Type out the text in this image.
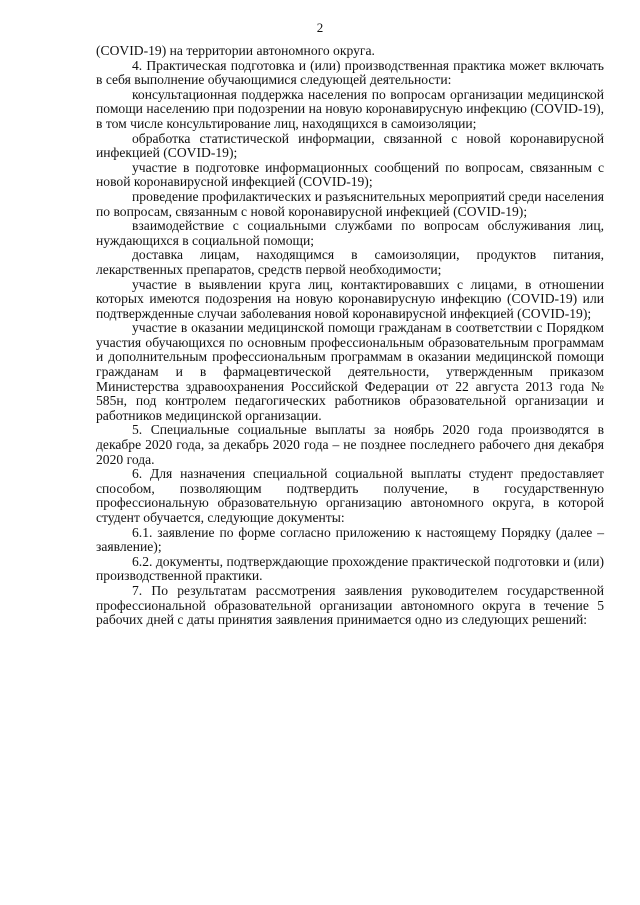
2

(COVID-19) на территории автономного округа.

4. Практическая подготовка и (или) производственная практика может включать в себя выполнение обучающимися следующей деятельности:

консультационная поддержка населения по вопросам организации медицинской помощи населению при подозрении на новую коронавирусную инфекцию (COVID-19), в том числе консультирование лиц, находящихся в самоизоляции;

обработка статистической информации, связанной с новой коронавирусной инфекцией (COVID-19);

участие в подготовке информационных сообщений по вопросам, связанным с новой коронавирусной инфекцией (COVID-19);

проведение профилактических и разъяснительных мероприятий среди населения по вопросам, связанным с новой коронавирусной инфекцией (COVID-19);

взаимодействие с социальными службами по вопросам обслуживания лиц, нуждающихся в социальной помощи;

доставка лицам, находящимся в самоизоляции, продуктов питания, лекарственных препаратов, средств первой необходимости;

участие в выявлении круга лиц, контактировавших с лицами, в отношении которых имеются подозрения на новую коронавирусную инфекцию (COVID-19) или подтвержденные случаи заболевания новой коронавирусной инфекцией (COVID-19);

участие в оказании медицинской помощи гражданам в соответствии с Порядком участия обучающихся по основным профессиональным образовательным программам и дополнительным профессиональным программам в оказании медицинской помощи гражданам и в фармацевтической деятельности, утвержденным приказом Министерства здравоохранения Российской Федерации от 22 августа 2013 года № 585н, под контролем педагогических работников образовательной организации и работников медицинской организации.

5. Специальные социальные выплаты за ноябрь 2020 года производятся в декабре 2020 года, за декабрь 2020 года – не позднее последнего рабочего дня декабря 2020 года.

6. Для назначения специальной социальной выплаты студент предоставляет способом, позволяющим подтвердить получение, в государственную профессиональную образовательную организацию автономного округа, в которой студент обучается, следующие документы:

6.1. заявление по форме согласно приложению к настоящему Порядку (далее – заявление);

6.2. документы, подтверждающие прохождение практической подготовки и (или) производственной практики.

7. По результатам рассмотрения заявления руководителем государственной профессиональной образовательной организации автономного округа в течение 5 рабочих дней с даты принятия заявления принимается одно из следующих решений:
